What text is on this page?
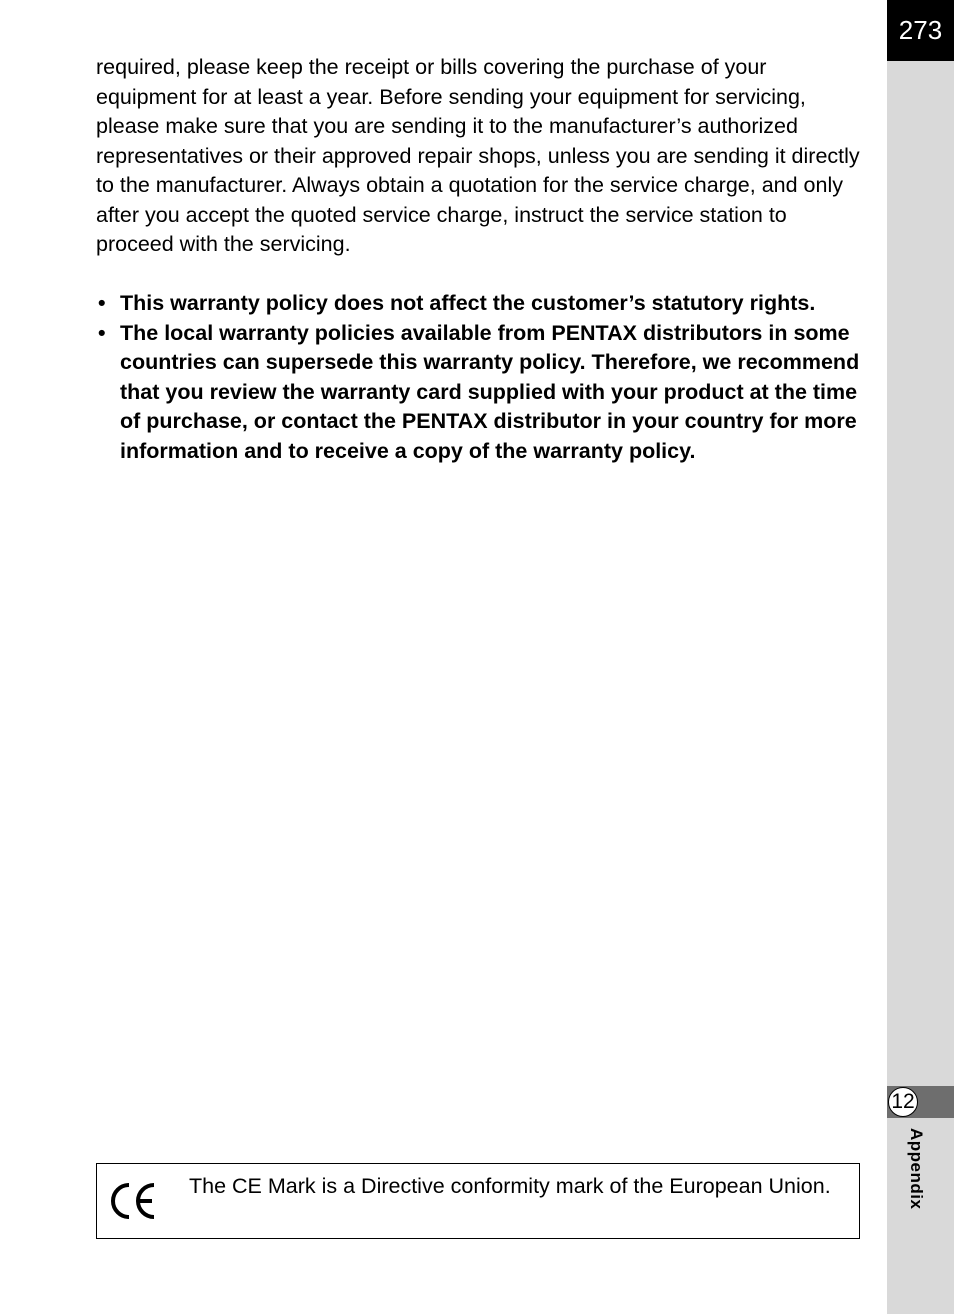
273
12
Appendix

required, please keep the receipt or bills covering the purchase of your equipment for at least a year. Before sending your equipment for servicing, please make sure that you are sending it to the manufacturer’s authorized representatives or their approved repair shops, unless you are sending it directly to the manufacturer. Always obtain a quotation for the service charge, and only after you accept the quoted service charge, instruct the service station to proceed with the servicing.

• This warranty policy does not affect the customer’s statutory rights.
• The local warranty policies available from PENTAX distributors in some countries can supersede this warranty policy. Therefore, we recommend that you review the warranty card supplied with your product at the time of purchase, or contact the PENTAX distributor in your country for more information and to receive a copy of the warranty policy.
The CE Mark is a Directive conformity mark of the European Union.
